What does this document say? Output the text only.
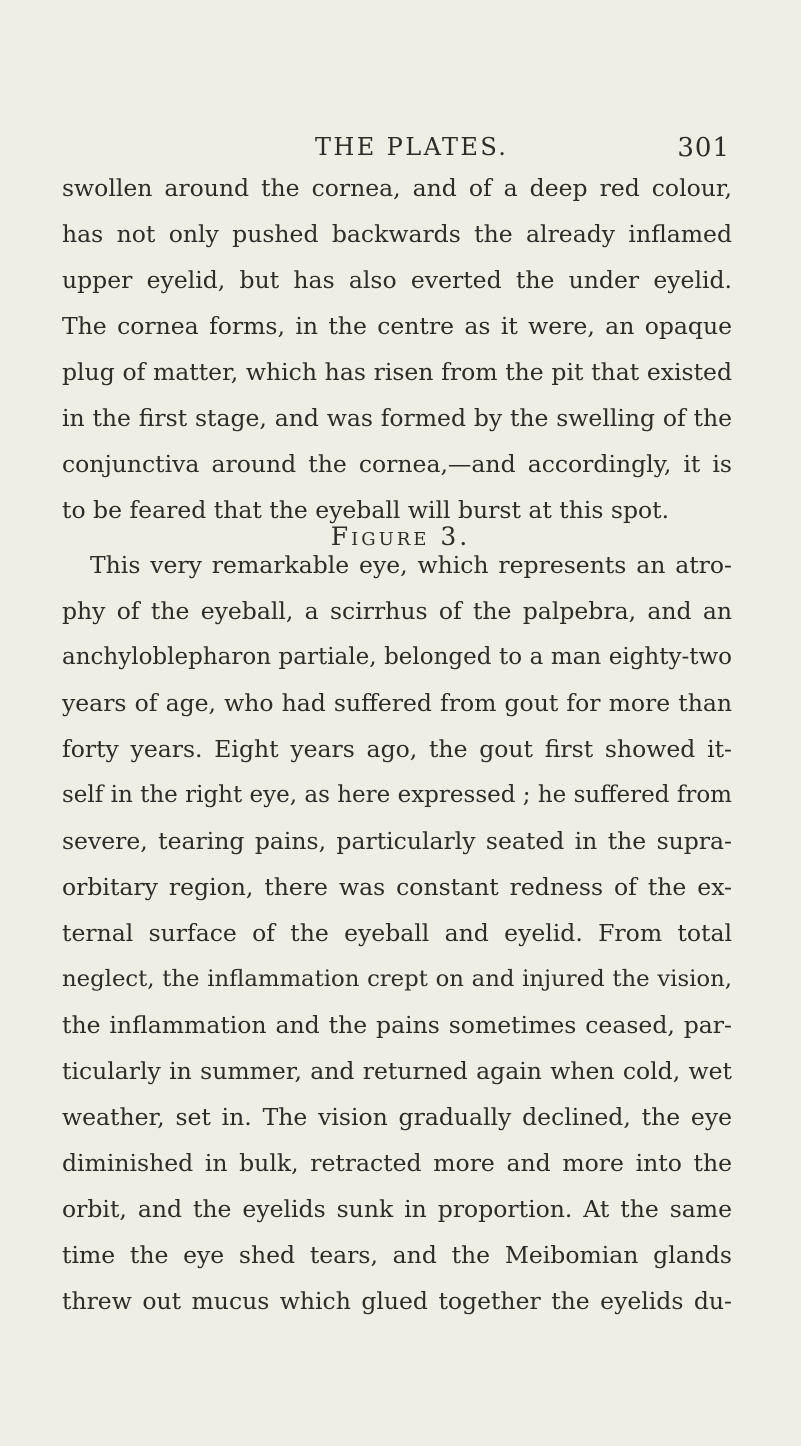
THE PLATES.	301
swollen around the cornea, and of a deep red colour,
has not only pushed backwards the already inflamed
upper eyelid, but has also everted the under eyelid.
The cornea forms, in the centre as it were, an opaque
plug of matter, which has risen from the pit that existed
in the first stage, and was formed by the swelling of the
conjunctiva around the cornea,—and accordingly, it is
to be feared that the eyeball will burst at this spot.
Figure 3.
This very remarkable eye, which represents an atro-
phy of the eyeball, a scirrhus of the palpebra, and an
anchyloblepharon partiale, belonged to a man eighty-two
years of age, who had suffered from gout for more than
forty years. Eight years ago, the gout first showed it-
self in the right eye, as here expressed ; he suffered from
severe, tearing pains, particularly seated in the supra-
orbitary region, there was constant redness of the ex-
ternal surface of the eyeball and eyelid. From total
neglect, the inflammation crept on and injured the vision,
the inflammation and the pains sometimes ceased, par-
ticularly in summer, and returned again when cold, wet
weather, set in. The vision gradually declined, the eye
diminished in bulk, retracted more and more into the
orbit, and the eyelids sunk in proportion. At the same
time the eye shed tears, and the Meibomian glands
threw out mucus which glued together the eyelids du-
